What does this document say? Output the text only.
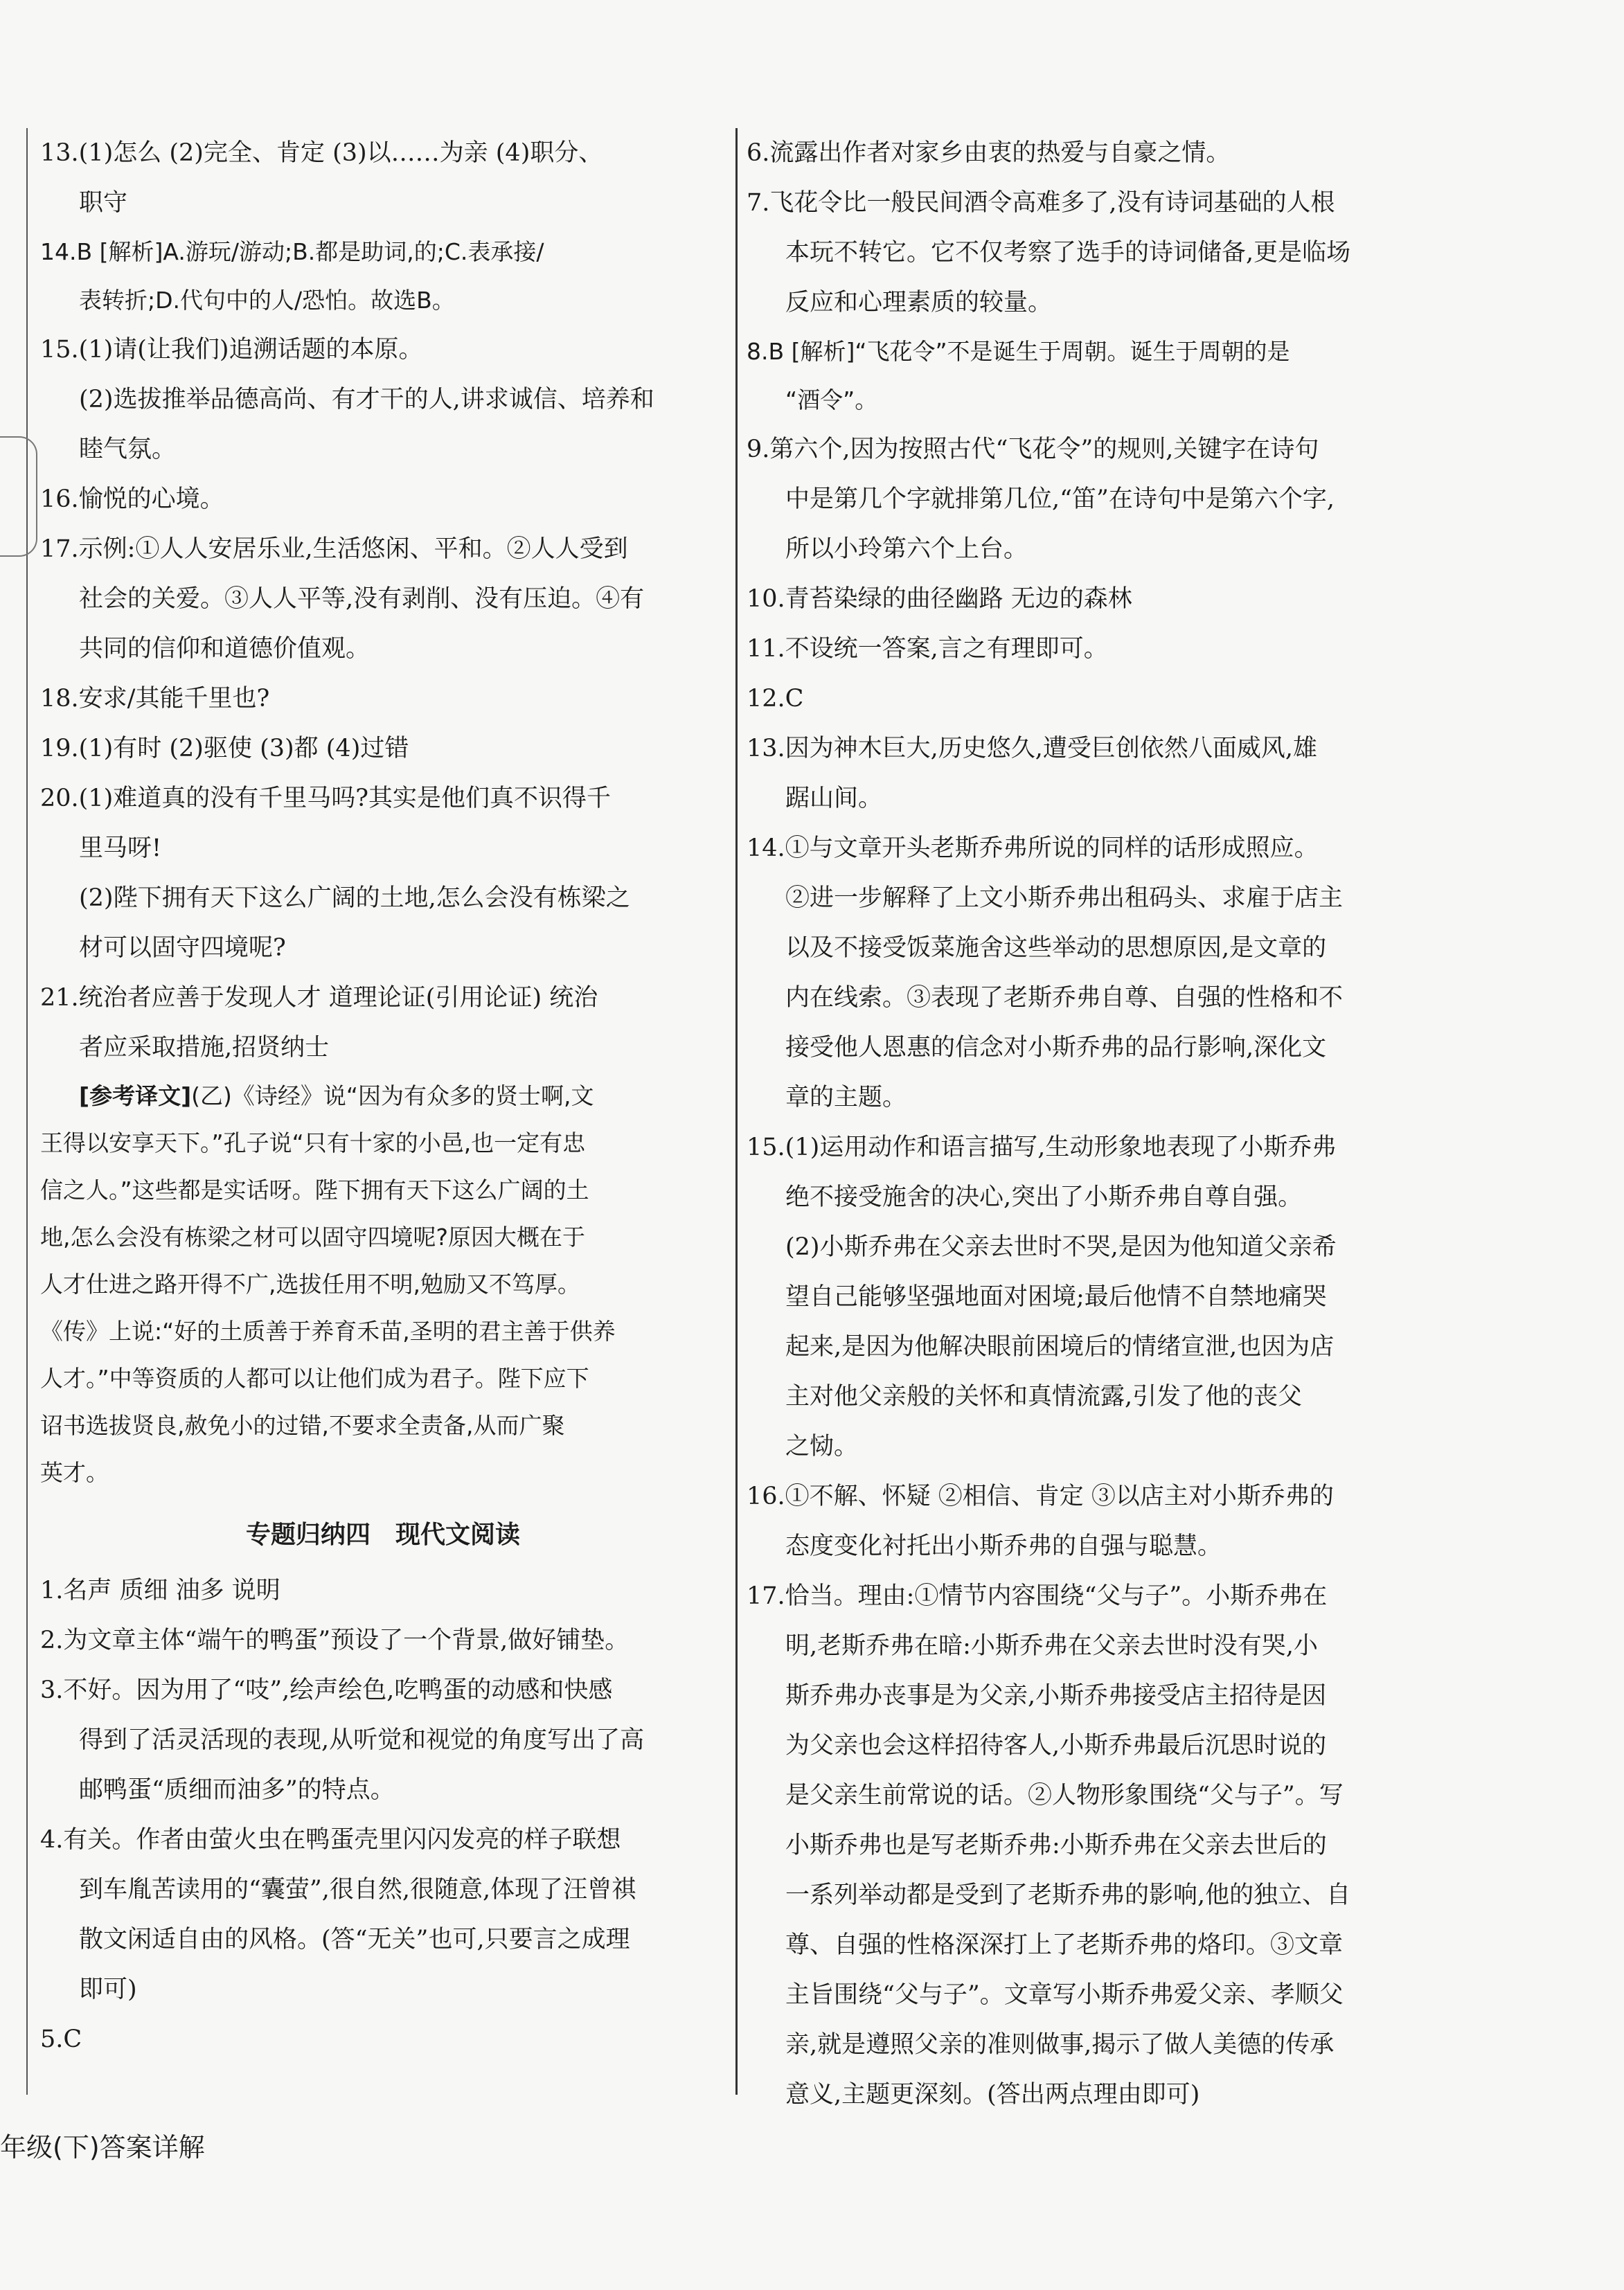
13.(1)怎么 (2)完全、肯定 (3)以……为亲 (4)职分、
职守
14.B [解析]A.游玩/游动;B.都是助词,的;C.表承接/
表转折;D.代句中的人/恐怕。故选B。
15.(1)请(让我们)追溯话题的本原。
(2)选拔推举品德高尚、有才干的人,讲求诚信、培养和
睦气氛。
16.愉悦的心境。
17.示例:①人人安居乐业,生活悠闲、平和。②人人受到
社会的关爱。③人人平等,没有剥削、没有压迫。④有
共同的信仰和道德价值观。
18.安求/其能千里也?
19.(1)有时 (2)驱使 (3)都 (4)过错
20.(1)难道真的没有千里马吗?其实是他们真不识得千
里马呀!
(2)陛下拥有天下这么广阔的土地,怎么会没有栋梁之
材可以固守四境呢?
21.统治者应善于发现人才 道理论证(引用论证) 统治
者应采取措施,招贤纳士
[参考译文](乙)《诗经》说“因为有众多的贤士啊,文

王得以安享天下。”孔子说“只有十家的小邑,也一定有忠
信之人。”这些都是实话呀。陛下拥有天下这么广阔的土
地,怎么会没有栋梁之材可以固守四境呢?原因大概在于
人才仕进之路开得不广,选拔任用不明,勉励又不笃厚。
《传》上说:“好的土质善于养育禾苗,圣明的君主善于供养
人才。”中等资质的人都可以让他们成为君子。陛下应下
诏书选拔贤良,赦免小的过错,不要求全责备,从而广聚
英才。
专题归纳四　现代文阅读
1.名声 质细 油多 说明
2.为文章主体“端午的鸭蛋”预设了一个背景,做好铺垫。
3.不好。因为用了“吱”,绘声绘色,吃鸭蛋的动感和快感
得到了活灵活现的表现,从听觉和视觉的角度写出了高
邮鸭蛋“质细而油多”的特点。
4.有关。作者由萤火虫在鸭蛋壳里闪闪发亮的样子联想
到车胤苦读用的“囊萤”,很自然,很随意,体现了汪曾祺
散文闲适自由的风格。(答“无关”也可,只要言之成理
即可)
5.C
6.流露出作者对家乡由衷的热爱与自豪之情。
7.飞花令比一般民间酒令高难多了,没有诗词基础的人根
本玩不转它。它不仅考察了选手的诗词储备,更是临场
反应和心理素质的较量。
8.B [解析]“飞花令”不是诞生于周朝。诞生于周朝的是
“酒令”。
9.第六个,因为按照古代“飞花令”的规则,关键字在诗句
中是第几个字就排第几位,“笛”在诗句中是第六个字,
所以小玲第六个上台。
10.青苔染绿的曲径幽路 无边的森林
11.不设统一答案,言之有理即可。
12.C
13.因为神木巨大,历史悠久,遭受巨创依然八面威风,雄
踞山间。
14.①与文章开头老斯乔弗所说的同样的话形成照应。
②进一步解释了上文小斯乔弗出租码头、求雇于店主
以及不接受饭菜施舍这些举动的思想原因,是文章的
内在线索。③表现了老斯乔弗自尊、自强的性格和不
接受他人恩惠的信念对小斯乔弗的品行影响,深化文
章的主题。
15.(1)运用动作和语言描写,生动形象地表现了小斯乔弗
绝不接受施舍的决心,突出了小斯乔弗自尊自强。
(2)小斯乔弗在父亲去世时不哭,是因为他知道父亲希
望自己能够坚强地面对困境;最后他情不自禁地痛哭
起来,是因为他解决眼前困境后的情绪宣泄,也因为店
主对他父亲般的关怀和真情流露,引发了他的丧父
之恸。
16.①不解、怀疑 ②相信、肯定 ③以店主对小斯乔弗的
态度变化衬托出小斯乔弗的自强与聪慧。
17.恰当。理由:①情节内容围绕“父与子”。小斯乔弗在
明,老斯乔弗在暗:小斯乔弗在父亲去世时没有哭,小
斯乔弗办丧事是为父亲,小斯乔弗接受店主招待是因
为父亲也会这样招待客人,小斯乔弗最后沉思时说的
是父亲生前常说的话。②人物形象围绕“父与子”。写
小斯乔弗也是写老斯乔弗:小斯乔弗在父亲去世后的
一系列举动都是受到了老斯乔弗的影响,他的独立、自
尊、自强的性格深深打上了老斯乔弗的烙印。③文章
主旨围绕“父与子”。文章写小斯乔弗爱父亲、孝顺父
亲,就是遵照父亲的准则做事,揭示了做人美德的传承
意义,主题更深刻。(答出两点理由即可)
年级(下)答案详解
